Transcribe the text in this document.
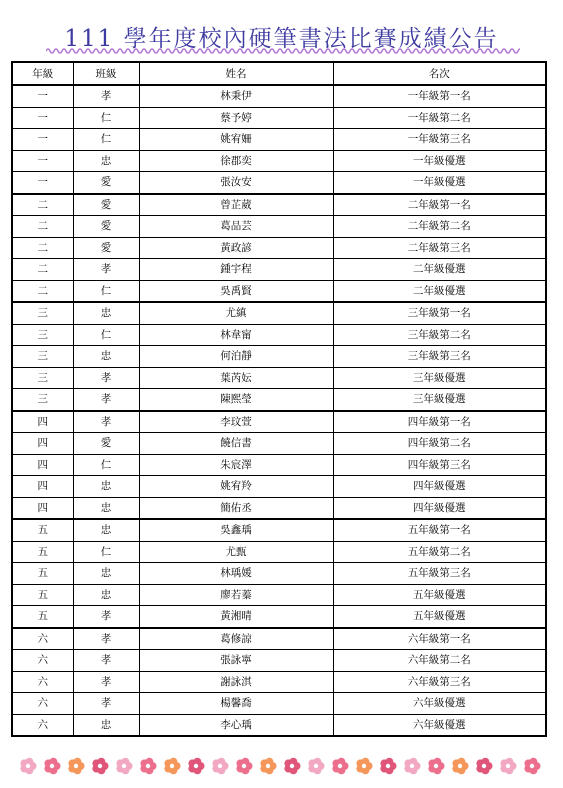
111 學年度校內硬筆書法比賽成績公告
年級	班級	姓名	名次
一	孝	林秉伊	一年級第一名
一	仁	蔡予婷	一年級第二名
一	仁	姚宥姍	一年級第三名
一	忠	徐郡奕	一年級優選
一	愛	張汝安	一年級優選
二	愛	曾芷葳	二年級第一名
二	愛	葛品芸	二年級第二名
二	愛	黃政諺	二年級第三名
二	孝	鍾宇程	二年級優選
二	仁	吳禹賢	二年級優選
三	忠	尤縝	三年級第一名
三	仁	林韋甯	三年級第二名
三	忠	何泊靜	三年級第三名
三	孝	葉芮妘	三年級優選
三	孝	陳熙瑩	三年級優選
四	孝	李玟萱	四年級第一名
四	愛	饒信書	四年級第二名
四	仁	朱宸澤	四年級第三名
四	忠	姚宥羚	四年級優選
四	忠	簡佑丞	四年級優選
五	忠	吳鑫瑀	五年級第一名
五	仁	尤甄	五年級第二名
五	忠	林瑀媛	五年級第三名
五	忠	廖若蓁	五年級優選
五	孝	黃湘晴	五年級優選
六	孝	葛修諒	六年級第一名
六	孝	張詠寧	六年級第二名
六	孝	謝詠淇	六年級第三名
六	孝	楊馨喬	六年級優選
六	忠	李心瑀	六年級優選
